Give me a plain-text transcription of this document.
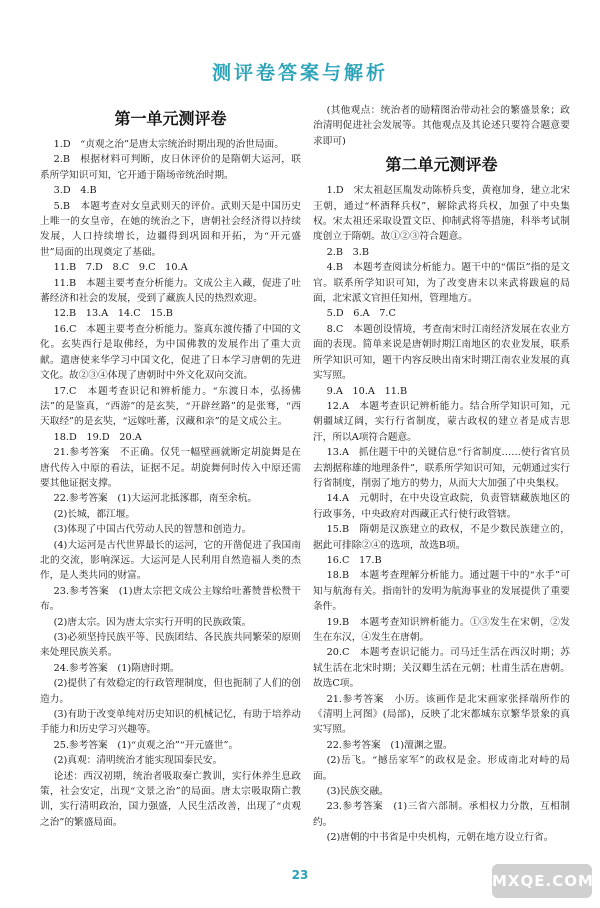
测评卷答案与解析
第一单元测评卷

1.D　“贞观之治”是唐太宗统治时期出现的治世局面。

2.B　根据材料可判断，皮日休评价的是隋朝大运河，联系所学知识可知，它开通于隋场帝统治时期。

3.D　4.B

5.B　本题考查对女皇武则天的评价。武则天是中国历史上唯一的女皇帝，在她的统治之下，唐朝社会经济得以持续发展，人口持续增长，边疆得到巩固和开拓，为“开元盛世”局面的出现奠定了基础。

11.B　7.D　8.C　9.C　10.A

11.B　本题主要考查分析能力。文成公主入藏，促进了吐蕃经济和社会的发展，受到了藏族人民的热烈欢迎。

12.B　13.A　14.C　15.B

16.C　本题主要考查分析能力。鉴真东渡传播了中国的文化。玄奘西行是取佛经，为中国佛教的发展作出了重大贡献。遣唐使来华学习中国文化，促进了日本学习唐朝的先进文化。故②③④体现了唐朝时中外文化双向交流。

17.C　本题考查识记和辨析能力。“东渡日本，弘扬佛法”的是鉴真，“西游”的是玄奘，“开辟丝路”的是张骞，“西天取经”的是玄奘，“远嫁吐蕃，汉藏和亲”的是文成公主。

18.D　19.D　20.A

21.参考答案　不正确。仅凭一幅壁画就断定胡旋舞是在唐代传入中原的看法，证据不足。胡旋舞何时传入中原还需要其他证据支撑。

22.参考答案　(1)大运河北抵涿郡，南至余杭。

(2)长城，都江堰。

(3)体现了中国古代劳动人民的智慧和创造力。

(4)大运河是古代世界最长的运河，它的开凿促进了我国南北的交流，影响深远。大运河是人民利用自然造福人类的杰作，是人类共同的财富。

23.参考答案　(1)唐太宗把文成公主嫁给吐蕃赞普松赞干布。

(2)唐太宗。因为唐太宗实行开明的民族政策。

(3)必须坚持民族平等、民族团结、各民族共同繁荣的原则来处理民族关系。

24.参考答案　(1)隋唐时期。

(2)提供了有效稳定的行政管理制度，但也扼制了人们的创造力。

(3)有助于改变单纯对历史知识的机械记忆，有助于培养动手能力和历史学习兴趣等。

25.参考答案　(1)“贞观之治”“开元盛世”。

(2)真观：清明统治才能实现国泰民安。

论述：西汉初期，统治者吸取秦亡教训，实行休养生息政策，社会安定，出现“文景之治”的局面。唐太宗吸取隋亡教训，实行清明政治，国力强盛，人民生活改善，出现了“贞观之治”的繁盛局面。

(其他观点：统治者的励精图治带动社会的繁盛景象；政治清明促进社会发展等。其他观点及其论述只要符合题意要求即可)

第二单元测评卷

1.D　宋太祖赵匡胤发动陈桥兵变，黄袍加身，建立北宋王朝，通过“杯酒释兵权”，解除武将兵权，加强了中央集权。宋太祖还采取设置文臣、抑制武将等措施，科举考试制度创立于隋朝。故①②③符合题意。

2.B　3.B

4.B　本题考查阅读分析能力。题干中的“儒臣”指的是文官。联系所学知识可知，为了改变唐末以来武将跋扈的局面，北宋派文官担任知州，管理地方。

5.D　6.A　7.C

8.C　本题创设情境，考查南宋时江南经济发展在农业方面的表现。简单来说是唐朝时期江南地区的农业发展，联系所学知识可知，题干内容反映出南宋时期江南农业发展的真实写照。

9.A　10.A　11.B

12.A　本题考查识记辨析能力。结合所学知识可知，元朝疆域辽阔，实行行省制度，蒙古政权的建立者是成吉思汗，所以A项符合题意。

13.A　抓住题干中的关键信息“行省制度……使行省官员去割据称雄的地理条件”，联系所学知识可知，元朝通过实行行省制度，削弱了地方的势力，从而大大加强了中央集权。

14.A　元朝时，在中央设宣政院，负责管辖藏族地区的行政事务，中央政府对西藏正式行使行政管辖。

15.B　隋朝是汉族建立的政权，不是少数民族建立的，据此可排除②④的选项，故选B项。

16.C　17.B

18.B　本题考查理解分析能力。通过题干中的“水手”可知与航海有关。指南针的发明为航海事业的发展提供了重要条件。

19.B　本题考查知识辨析能力。①③发生在宋朝，②发生在东汉，④发生在唐朝。

20.C　本题考查识记能力。司马迁生活在西汉时期；苏轼生活在北宋时期；关汉卿生活在元朝；杜甫生活在唐朝。故选C项。

21.参考答案　小历。该画作是北宋画家张择端所作的《清明上河图》(局部)，反映了北宋都城东京繁华景象的真实写照。

22.参考答案　(1)澶渊之盟。

(2)岳飞。“撼岳家军”的政权是金。形成南北对峙的局面。

(3)民族交融。

23.参考答案　(1)三省六部制。承相权力分散，互相制约。

(2)唐朝的中书省是中央机构，元朝在地方设立行省。

23	MXQE.COM
